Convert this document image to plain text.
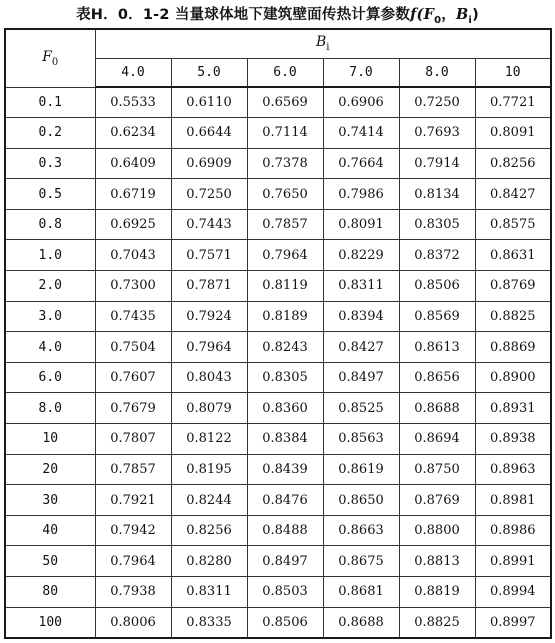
表H．0．1-2 当量球体地下建筑壁面传热计算参数$f(F_0$，$B_i$)
$F_0$	$B_i$
	4.0	5.0	6.0	7.0	8.0	10
0.1	0.5533	0.6110	0.6569	0.6906	0.7250	0.7721
0.2	0.6234	0.6644	0.7114	0.7414	0.7693	0.8091
0.3	0.6409	0.6909	0.7378	0.7664	0.7914	0.8256
0.5	0.6719	0.7250	0.7650	0.7986	0.8134	0.8427
0.8	0.6925	0.7443	0.7857	0.8091	0.8305	0.8575
1.0	0.7043	0.7571	0.7964	0.8229	0.8372	0.8631
2.0	0.7300	0.7871	0.8119	0.8311	0.8506	0.8769
3.0	0.7435	0.7924	0.8189	0.8394	0.8569	0.8825
4.0	0.7504	0.7964	0.8243	0.8427	0.8613	0.8869
6.0	0.7607	0.8043	0.8305	0.8497	0.8656	0.8900
8.0	0.7679	0.8079	0.8360	0.8525	0.8688	0.8931
10	0.7807	0.8122	0.8384	0.8563	0.8694	0.8938
20	0.7857	0.8195	0.8439	0.8619	0.8750	0.8963
30	0.7921	0.8244	0.8476	0.8650	0.8769	0.8981
40	0.7942	0.8256	0.8488	0.8663	0.8800	0.8986
50	0.7964	0.8280	0.8497	0.8675	0.8813	0.8991
80	0.7938	0.8311	0.8503	0.8681	0.8819	0.8994
100	0.8006	0.8335	0.8506	0.8688	0.8825	0.8997
